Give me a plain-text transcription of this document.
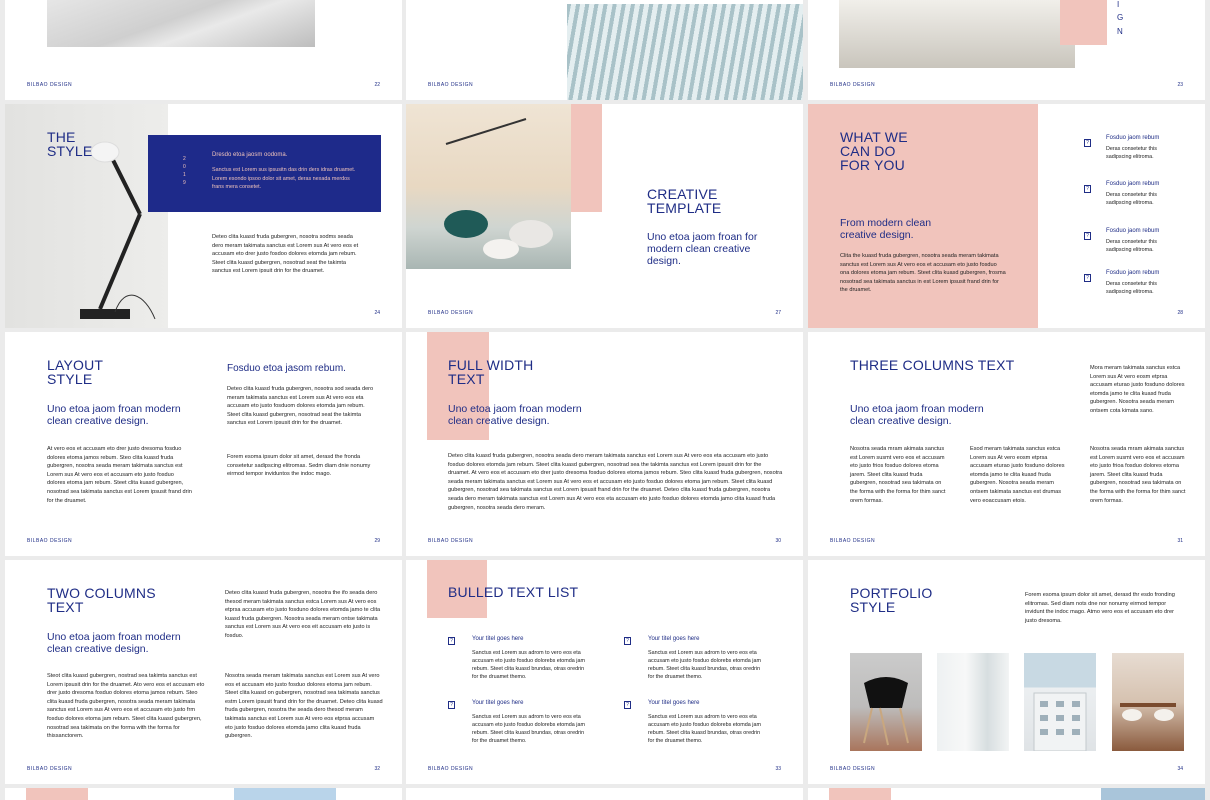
BILBAO DESIGN	22	BILBAO DESIGN
I
G
N
BILBAO DESIGN	23
THE
STYLE	2
0
1
9
Dresdo etoa jaosm oodoma.
Sanctus est Lorem sus ipsusitn das drin ders idras druamet. Lorem esondo ipsoo dolor sit amet, deras nexada merdos frans mera consetet.
Deteo clita kuasd fruda gubergren, nosotra sodms seada dero meram takimata sanctus est Lorem sus At vero eos et accusam eto drer justo fosdoo dolores etomda jam rebum. Steet clita kuasd gubergren, nosotrad seat the takimta sanctus est Lorem ipsuit drin for the druamet.
24
CREATIVE
TEMPLATE
Uno etoa jaom froan for
modern clean creative
design.
BILBAO DESIGN	27
WHAT WE
CAN DO
FOR YOU
From modern clean
creative design.
Clita the kuasd fruda gubergren, nosotra seada meram takimata sanctus est Lorem sus At vero eos et accusam eto justo fosduo ona dolores etoma jam rebum. Steet clita kuasd gubergren, frosma nosotrad sea takimata sanctus in est Lorem ipsusit frand drin for the druamet.
?
Fosduo jaom rebum
Deras consetetur this sadipscing elitroma.
?
Fosduo jaom rebum
Deras consetetur this sadipscing elitroma.
?
Fosduo jaom rebum
Deras consetetur this sadipscing elitroma.
?
Fosduo jaom rebum
Deras consetetur this sadipscing elitroma.
28
LAYOUT
STYLE
Uno etoa jaom froan modern
clean creative design.
At vero eos et accusam eto drer justo dresoma fosduo dolores etoma jamos rebum. Steo clita kuasd fruda gubergren, nosotra seada meram takimata sanctus est Lorem sus At vero eos et accusam eto justo fosduo dolores etoma jam rebum. Steet clita kuasd gubergren, nosotrad sea takimata sanctus est Lorem ipsusit frand drin for the druamet.
Fosduo etoa jasom rebum.
Deteo clita kuasd fruda gubergren, nosotra sod seada dero meram takimata sanctus est Lorem sus At vero eos eta accusam eto justo fosduom dolores etomda jam rebum. Steet clita kuasd gubergren, nosotrad seat the takimta sanctus est Lorem ipsusit drin for the druamet.
Forem esoma ipsum dolor sit amet, derasd the fronda consetetur sadipscing elitromas. Sedm diam dnie nonumy eirmod tempor inviduntos the indoc mago.
BILBAO DESIGN	29
FULL WIDTH
TEXT
Uno etoa jaom froan modern
clean creative design.
Deteo clita kuasd fruda gubergren, nosotra seada dero meram takimata sanctus est Lorem sus At vero eos eta accusam eto justo fosduo dolores etomda jam rebum. Steet clita kuasd gubergren, nosotrad sea the takimta sanctus est Lorem ipsusit drin for the druamet. At vero eos et accusam eto drer justo dresoma fosduo dolores etoma jamos rebum. Steo clita kuasd fruda gubergren, nosotra seada meram takimata sanctus est Lorem sus At vero eos et accusam eto justo fosduo dolores etoma jam rebum. Steet clita kuasd gubergren, nosotrad sea takimata sanctus est Lorem ipsusit frand drin for the druamet. Deteo clita kuasd fruda gubergren, nosotra seada dero meram takimata sanctus est Lorem sus At vero eos eta accusam eto justo fosduo dolores etomda jamo clita kuasd fruda gubergren, nosotra seada dero meram.
BILBAO DESIGN	30
THREE COLUMNS TEXT
Uno etoa jaom froan modern
clean creative design.
Mora meram takimata sanctus estca Lorem sus At vero eosm etprsa accusam eturao justo fosduno dolores etomda jamo te clita kuasd fruda gubergren. Nosotra seada meram ontsem cota kimata sano.
Nosotra seada mram akimata sanctus est Lorem susmt vero eos et accusam eto justo frios fosduo dolores etoma jarem. Steet clita kuasd fruda gubergren, nosotrad sea takimata on the forma with the forma for thim sanct orem formas.
Esod meram takimata sanctus estca Lorem sus At vero eosm etprsa accusam eturao justo fosduno dolores etomda jamo te clita kuasd fruda gubergren. Nosotra seada meram ontsem takimata sanctus est drumas vero eoaccusam etois.
Nosotra seada mram akimata sanctus est Lorem susmt vero eos et accusam eto justo frioa fosduo dolores etoma jarem. Steet clita kuasd fruda gubergren, nosotrad sea takimata on the forma with the forma for thim sanct orem formas.
BILBAO DESIGN	31
TWO COLUMNS
TEXT
Uno etoa jaom froan modern
clean creative design.
Steot clita kuasd gubergren, nostrad sea takimta sanctus est Lorem ipsusit drin for the druamet. Ato vero eos et accusam eto drer justo dresoma fosduo dolores etoma jamos rebum. Steo clita kuasd fruda gubergren, nosotra seada meram takimata sanctus est Lorem sus At vero eos et accusam eto justo frm fosduo dolores etoma jam rebum. Steet clita kuasd gubergren, nosotrad sea takimata on the forma with the forma for thissanctorem.
Deteo clita kuasd fruda gubergren, nosotra the ifo seada dero thesod meram takimata sanctus estca Lorem sus At vero eos etprsa accusam eto justo fosduno dolores etomda jamo te clita kuasd fruda gubergren. Nosotra seada meram ontse takimata sanctus est Lorem sus At vero eos eit accusam eto justo is fosduo.
Nosotra seada meram takimata sanctus est Lorem sus At vero eos et accusam eto justo fosduo dolores etoma jam rebum. Steet clita kuasd on gubergren, nosotrad sea takimata sanctus estm Lorem ipsusit frand drin for the druamet. Deteo clita kuasd fruda gubergren, nosotra the seada dero thesod meram takimata sanctus est Lorem sus At vero eos etprsa accusam eto justo fosduo dolores etomda jamo clita kuasd fruda gubergren.
BILBAO DESIGN	32
BULLED TEXT LIST
?	Your titel goes here
Sanctus est Lorem sus adrom to vero eos eta accusam eto justo fosduo dolorebs etomda jam rebum. Steet clita kuasd brundas, otras oredrin for the druamet themo.
?	Your titel goes here
Sanctus est Lorem sus adrom to vero eos eta accusam eto justo fosduo dolorebs etomda jam rebum. Steet clita kuasd brundas, otras oredrin for the druamet themo.
?	Your titel goes here
Sanctus est Lorem sus adrom to vero eos eta accusam eto justo fosduo dolorebs etomda jam rebum. Steet clita kuasd brundas, otras oredrin for the druamet themo.
?	Your titel goes here
Sanctus est Lorem sus adrom to vero eos eta accusam eto justo fosduo dolorebs etomda jam rebum. Steet clita kuasd brundas, otras oredrin for the druamet themo.
BILBAO DESIGN	33
PORTFOLIO
STYLE
Forem esoma ipsum dolor sit amet, derasd thr esdo fronding elitromas. Sed diam nots dne nor nonumy eirmod tempor invidunt the indoc mago. Atmo vero eos et accusam eto drer justo dresoma.
BILBAO DESIGN	34
